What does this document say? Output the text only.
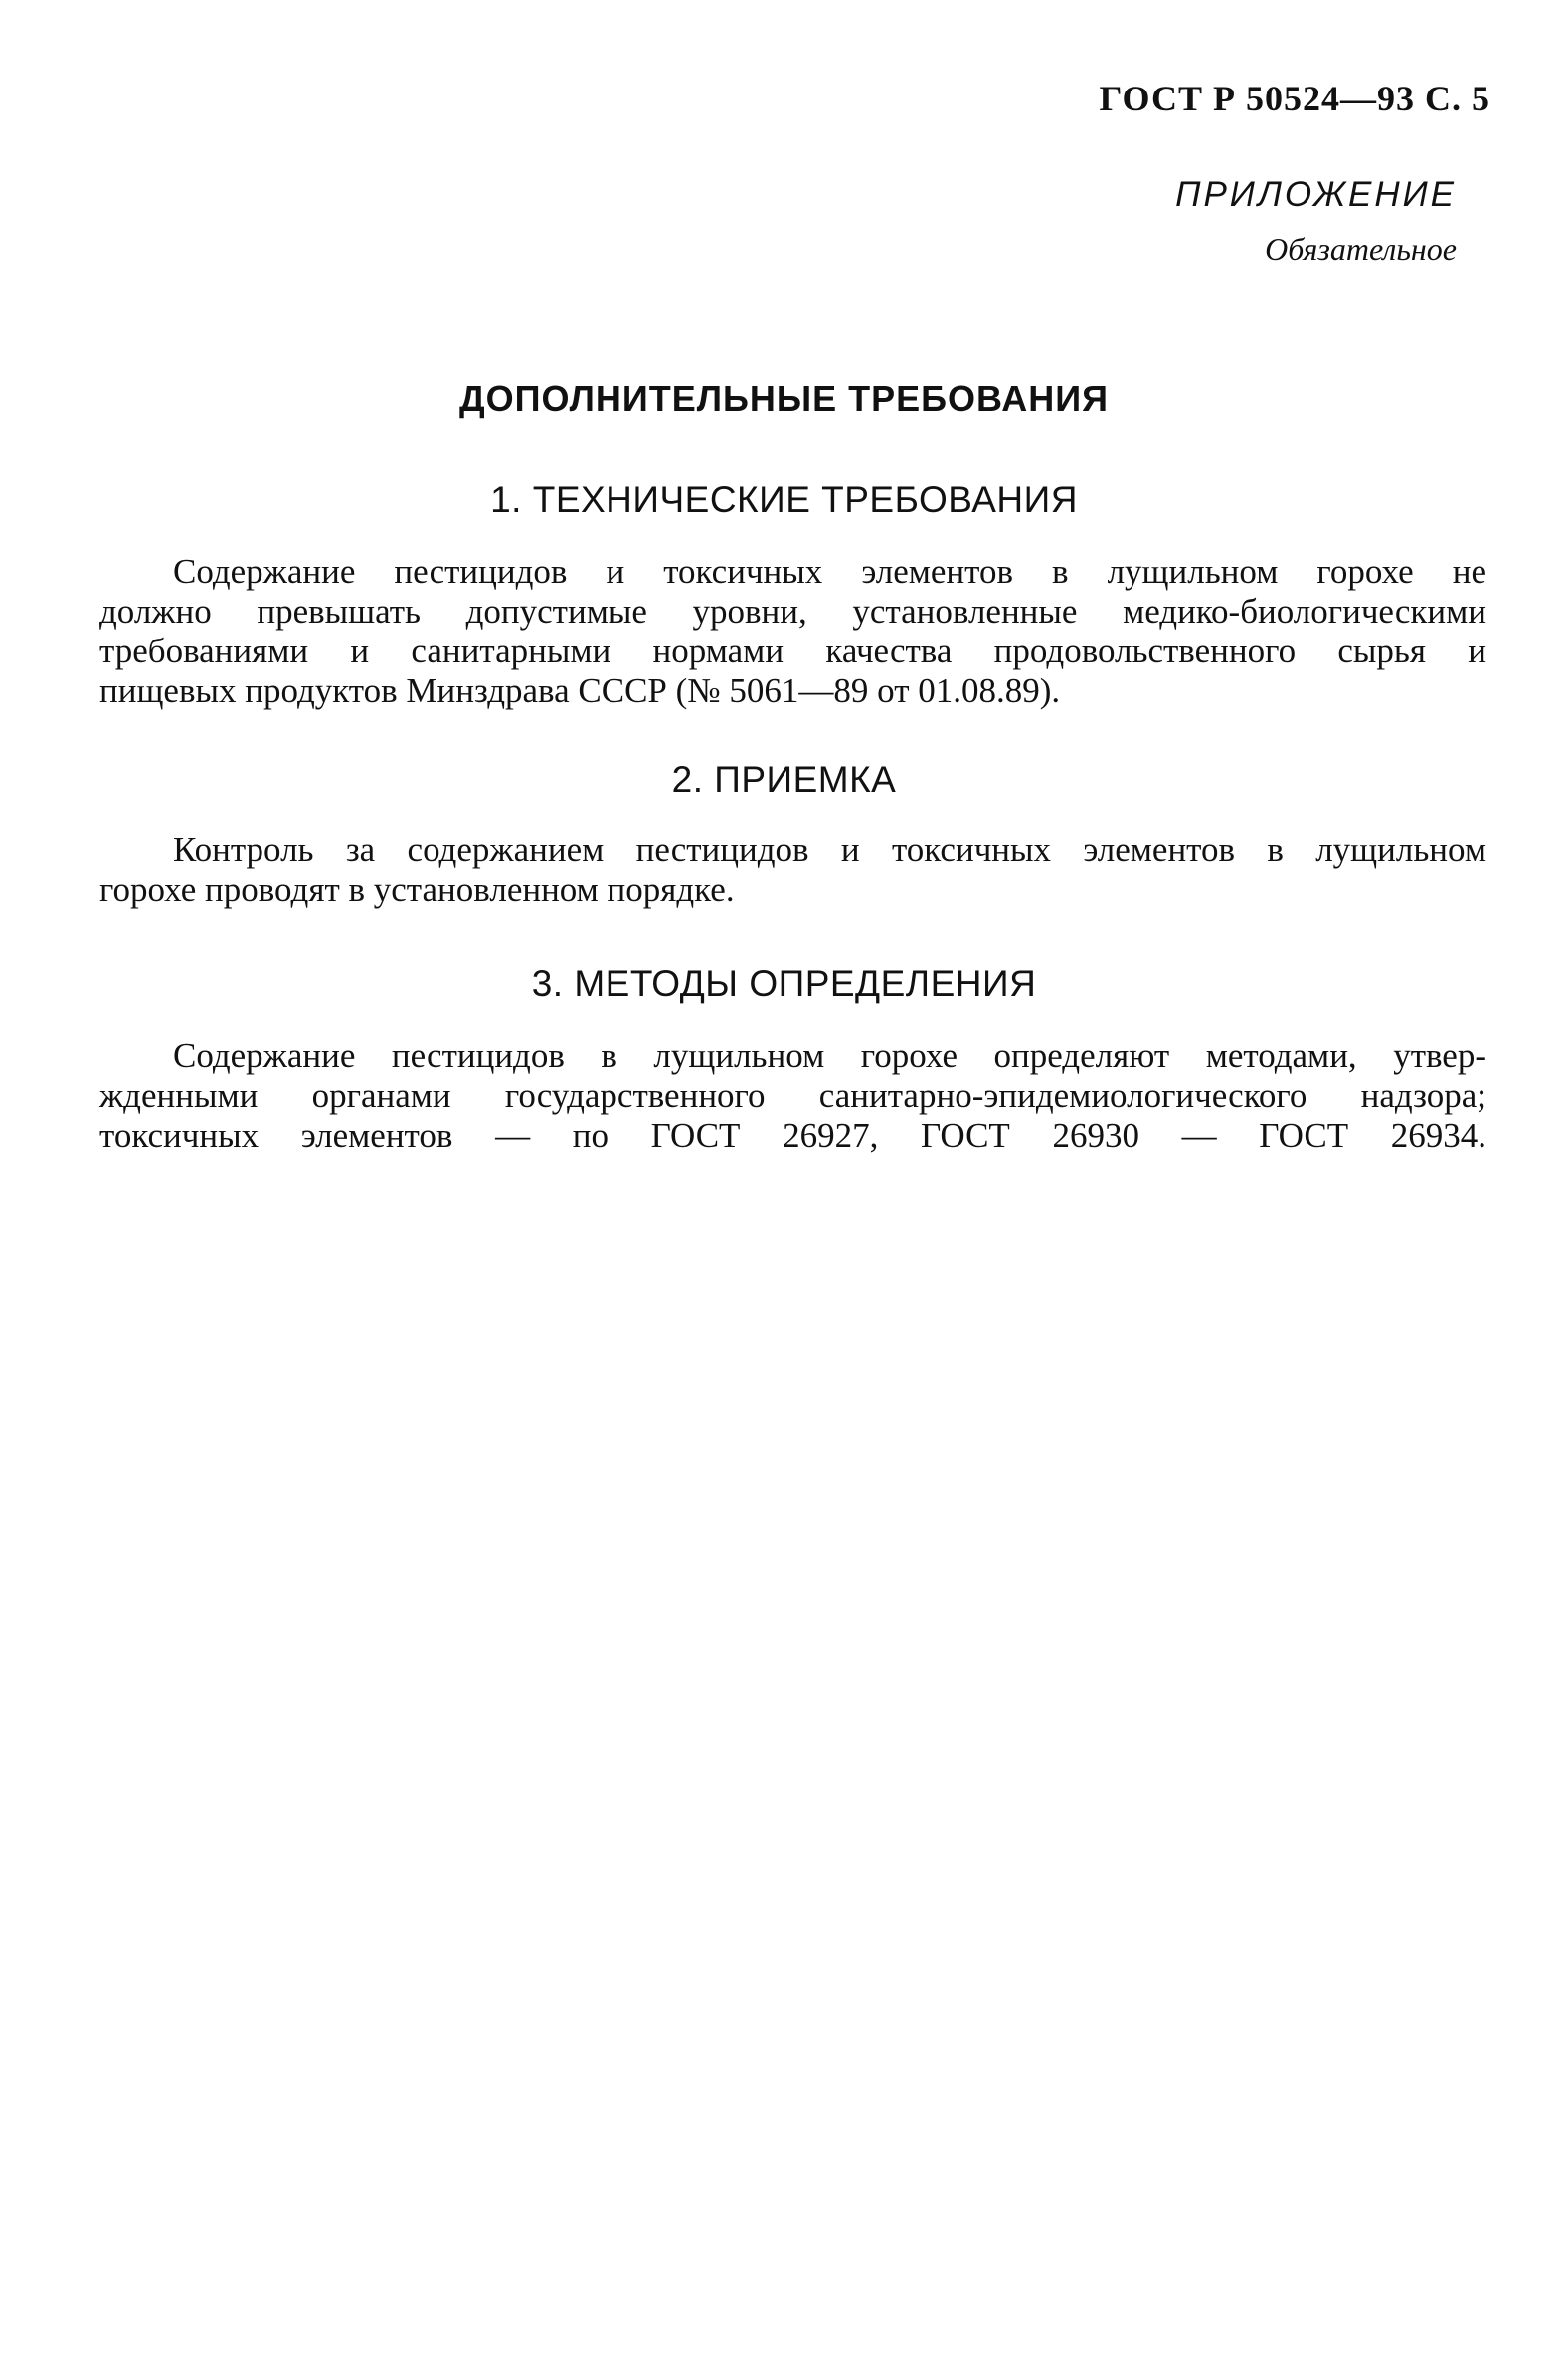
ГОСТ Р 50524—93 С. 5
ПРИЛОЖЕНИЕ
Обязательное
ДОПОЛНИТЕЛЬНЫЕ ТРЕБОВАНИЯ
1. ТЕХНИЧЕСКИЕ ТРЕБОВАНИЯ
Содержание пестицидов и токсичных элементов в лущильном горохе не
должно превышать допустимые уровни, установленные медико-биологическими
требованиями и санитарными нормами качества продовольственного сырья и
пищевых продуктов Минздрава СССР (№ 5061—89 от 01.08.89).
2. ПРИЕМКА
Контроль за содержанием пестицидов и токсичных элементов в лущильном
горохе проводят в установленном порядке.
3. МЕТОДЫ ОПРЕДЕЛЕНИЯ
Содержание пестицидов в лущильном горохе определяют методами, утвер-
жденными органами государственного санитарно-эпидемиологического надзора;
токсичных элементов — по ГОСТ 26927, ГОСТ 26930 — ГОСТ 26934.
